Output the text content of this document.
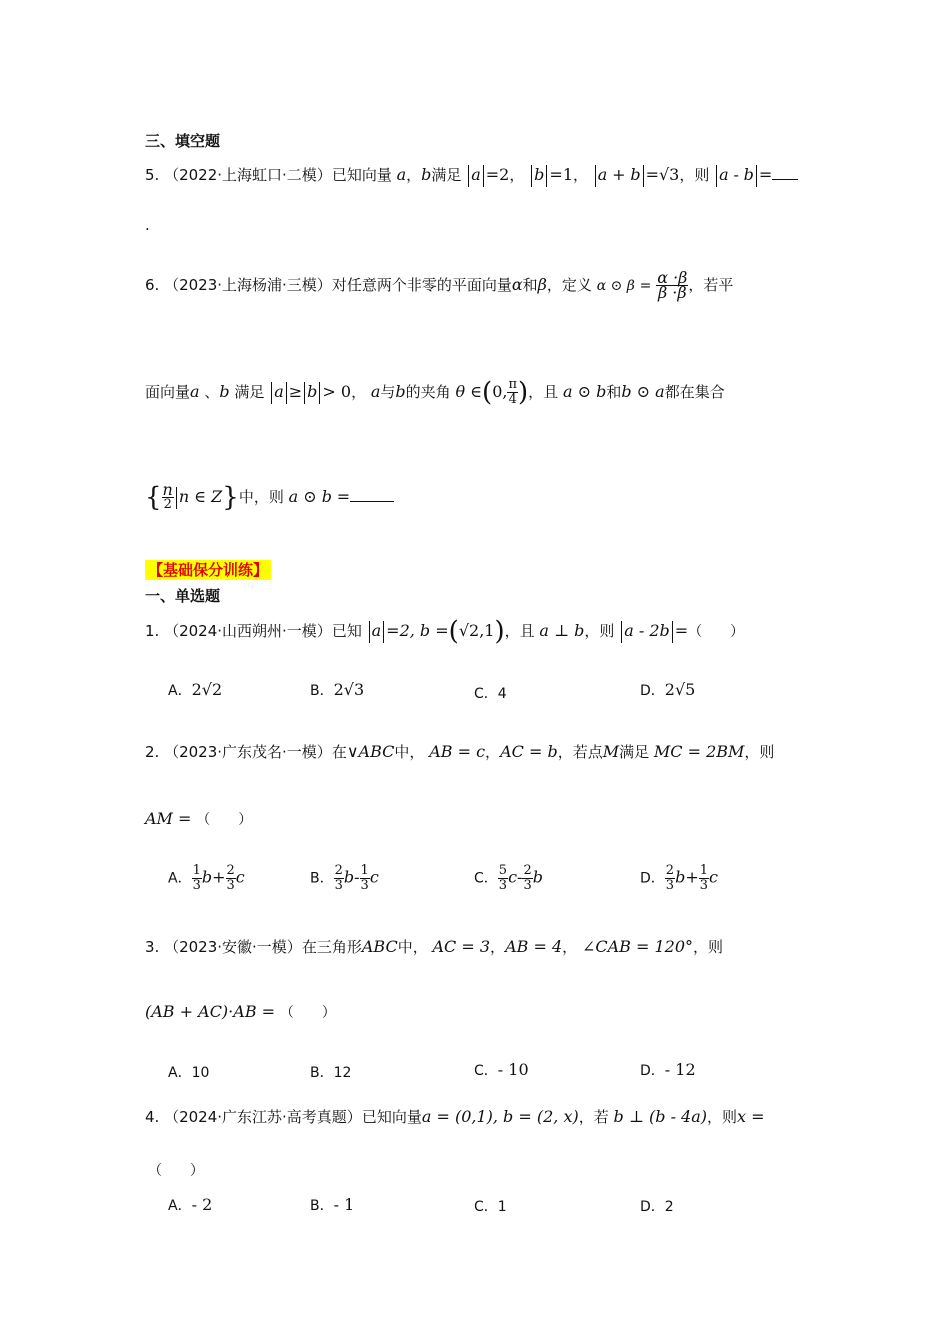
三、填空题
5. （2022·上海虹口·二模）已知向量 a，b满足 a =2， b =1， a + b =√3，则 a - b =
.
6. （2023·上海杨浦·三模）对任意两个非零的平面向量α和β，定义 α ⊙ $\beta = \frac{\alpha \cdot\beta}{\beta \cdot\beta}$ ，若平
面向量a 、b 满足 a ≥ b > 0， a与b的夹角 θ ∈(0, $\frac{\pi}{4}$ )，且 a ⊙ b和b ⊙ a都在集合
{ $\frac{n}{2}$ n ∈ Z}中，则 a ⊙ b =
【基础保分训练】
一、单选题
1. （2024·山西朔州·一模）已知 a =2, b =(√2,1)，且 a ⊥ b，则 a - 2b =（　　）
A．2√2	B．2√3	C．4	D．2√5
2. （2023·广东茂名·一模）在∨ABC中， AB = c，AC = b，若点M满足 MC = 2BM，则
AM = （　　）
A． $\frac{1}{3} b+ \frac{2}{3}$ c	B． $\frac{2}{3} b- \frac{1}{3}$ c	C． $\frac{5}{3} c- \frac{2}{3}$ b	D． $\frac{2}{3} b+ \frac{1}{3}$ c
3. （2023·安徽·一模）在三角形ABC中， AC = 3，AB = 4， ∠CAB = 120°，则
(AB + AC)·AB = （　　）
A．10	B．12	C．- 10	D．- 12
4. （2024·广东江苏·高考真题）已知向量a = (0,1), b = (2, x)，若 b ⊥ (b - 4a)，则x =
（　　）
A．- 2	B．- 1	C．1	D．2
